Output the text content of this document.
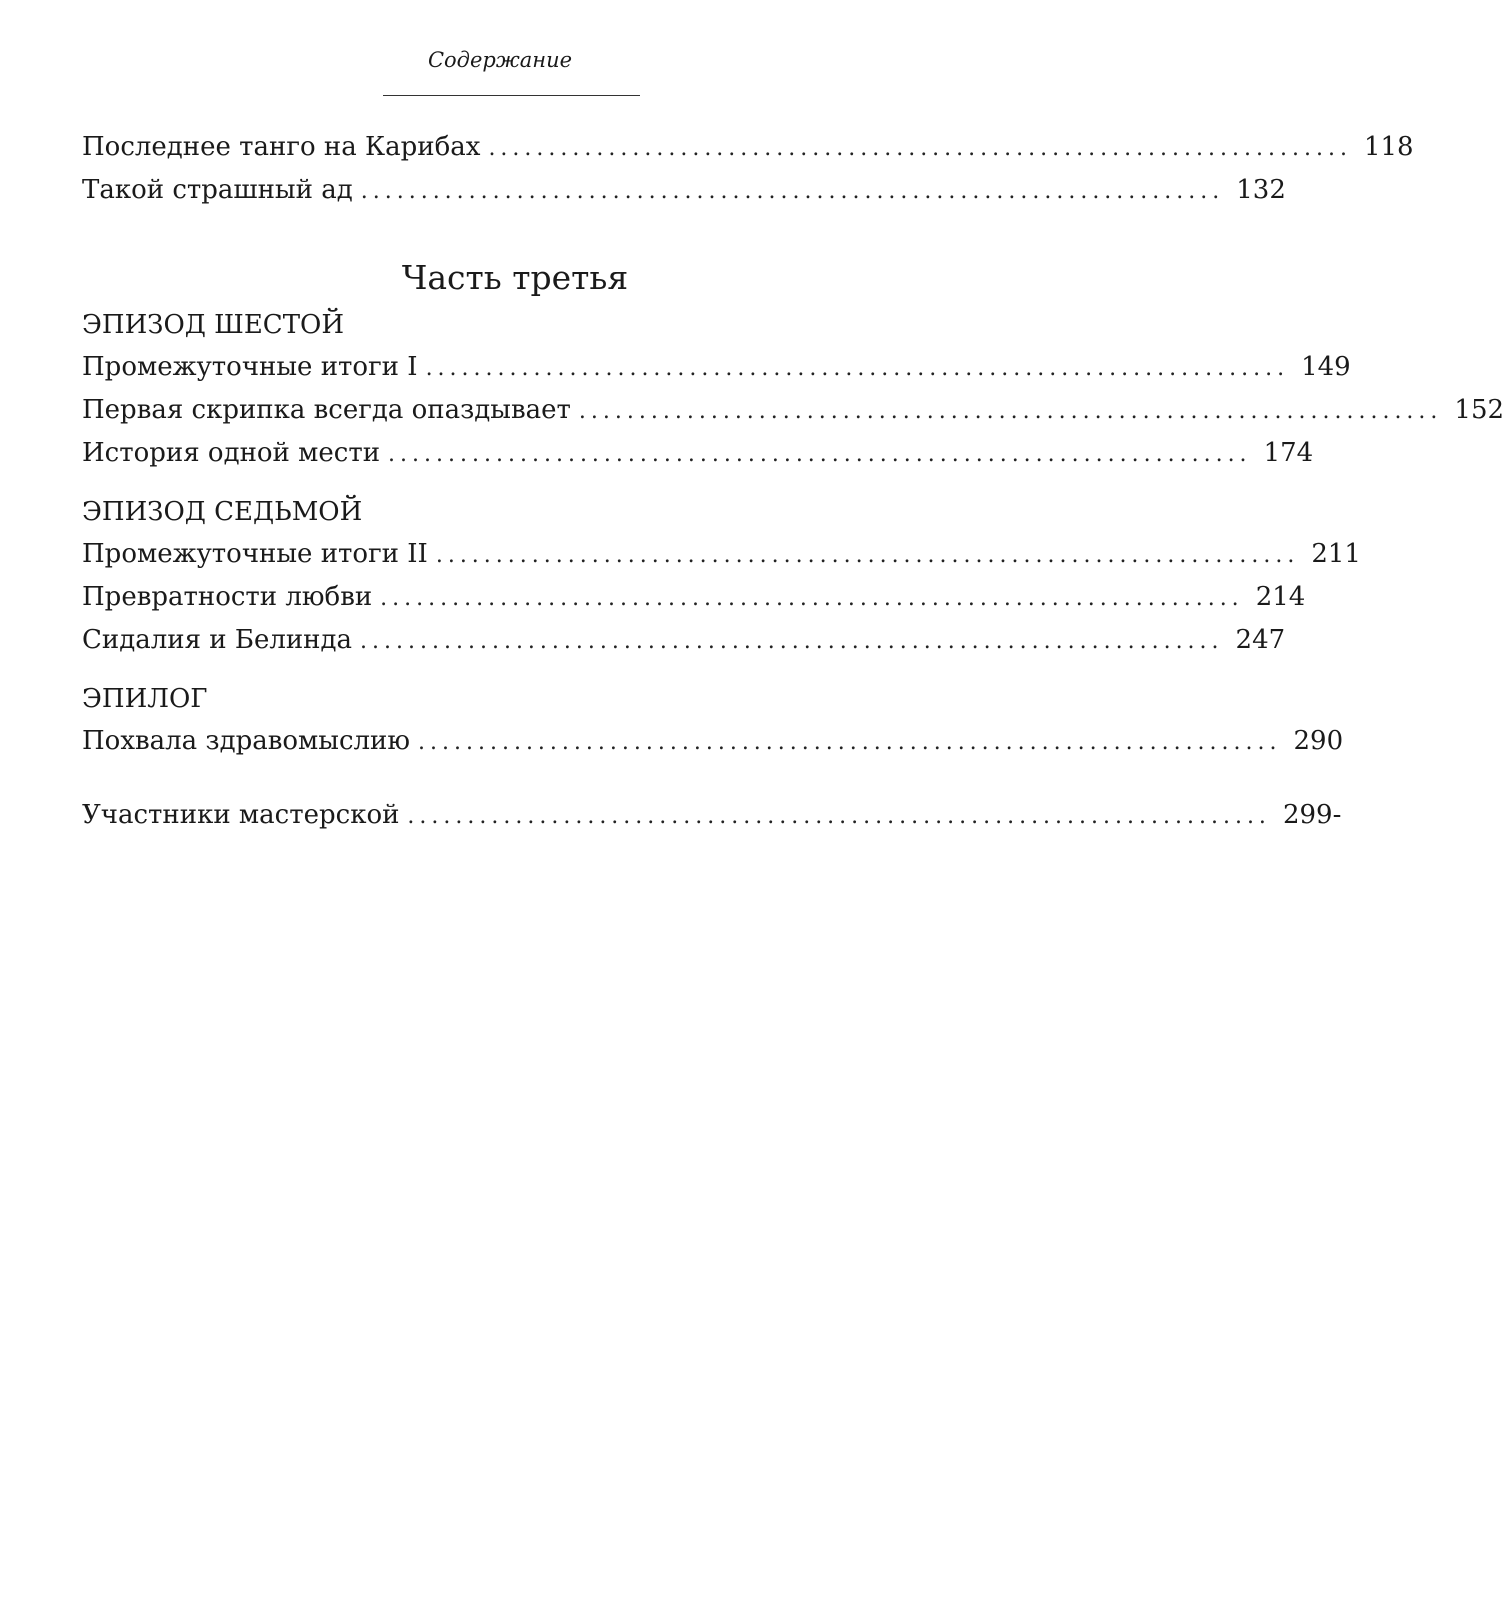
Содержание
Последнее танго на Карибах ........................................................................ 118
Такой страшный ад ........................................................................ 132
Часть третья
ЭПИЗОД ШЕСТОЙ
Промежуточные итоги I ........................................................................ 149
Первая скрипка всегда опаздывает ........................................................................ 152
История одной мести ........................................................................ 174
ЭПИЗОД СЕДЬМОЙ
Промежуточные итоги II ........................................................................ 211
Превратности любви ........................................................................ 214
Сидалия и Белинда ........................................................................ 247
ЭПИЛОГ
Похвала здравомыслию ........................................................................ 290
Участники мастерской ........................................................................ 299-
